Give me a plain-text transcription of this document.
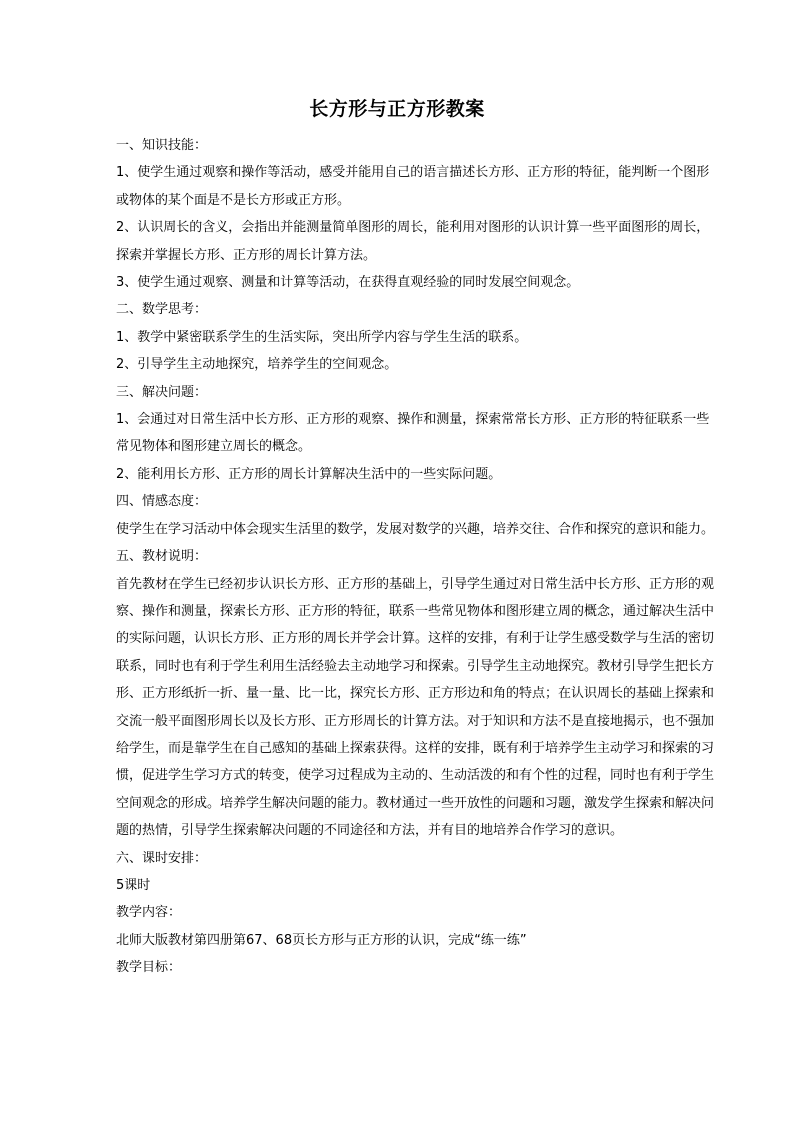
长方形与正方形教案

一、知识技能：

1、使学生通过观察和操作等活动，感受并能用自己的语言描述长方形、正方形的特征，能判断一个图形或物体的某个面是不是长方形或正方形。

2、认识周长的含义，会指出并能测量简单图形的周长，能利用对图形的认识计算一些平面图形的周长，探索并掌握长方形、正方形的周长计算方法。

3、使学生通过观察、测量和计算等活动，在获得直观经验的同时发展空间观念。

二、数学思考：

1、教学中紧密联系学生的生活实际，突出所学内容与学生生活的联系。

2、引导学生主动地探究，培养学生的空间观念。

三、解决问题：

1、会通过对日常生活中长方形、正方形的观察、操作和测量，探索常常长方形、正方形的特征联系一些常见物体和图形建立周长的概念。

2、能利用长方形、正方形的周长计算解决生活中的一些实际问题。

四、情感态度：

使学生在学习活动中体会现实生活里的数学，发展对数学的兴趣，培养交往、合作和探究的意识和能力。

五、教材说明：

首先教材在学生已经初步认识长方形、正方形的基础上，引导学生通过对日常生活中长方形、正方形的观察、操作和测量，探索长方形、正方形的特征，联系一些常见物体和图形建立周的概念，通过解决生活中的实际问题，认识长方形、正方形的周长并学会计算。这样的安排，有利于让学生感受数学与生活的密切联系，同时也有利于学生利用生活经验去主动地学习和探索。引导学生主动地探究。教材引导学生把长方形、正方形纸折一折、量一量、比一比，探究长方形、正方形边和角的特点；在认识周长的基础上探索和交流一般平面图形周长以及长方形、正方形周长的计算方法。对于知识和方法不是直接地揭示，也不强加给学生，而是靠学生在自己感知的基础上探索获得。这样的安排，既有利于培养学生主动学习和探索的习惯，促进学生学习方式的转变，使学习过程成为主动的、生动活泼的和有个性的过程，同时也有利于学生空间观念的形成。培养学生解决问题的能力。教材通过一些开放性的问题和习题，激发学生探索和解决问题的热情，引导学生探索解决问题的不同途径和方法，并有目的地培养合作学习的意识。

六、课时安排：

5课时

教学内容：

北师大版教材第四册第67、68页长方形与正方形的认识，完成“练一练”

教学目标：
